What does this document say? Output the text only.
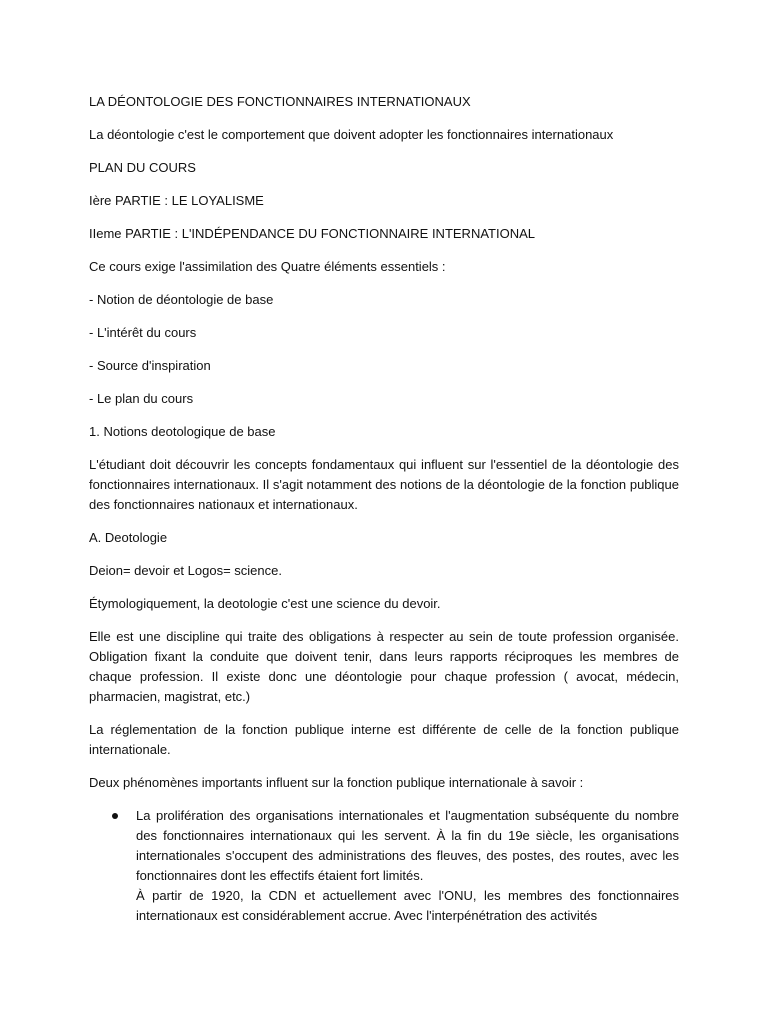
LA DÉONTOLOGIE DES FONCTIONNAIRES INTERNATIONAUX

La déontologie c'est le comportement que doivent adopter les fonctionnaires internationaux

PLAN DU COURS

Ière PARTIE : LE LOYALISME

IIeme PARTIE : L'INDÉPENDANCE DU FONCTIONNAIRE INTERNATIONAL

Ce cours exige l'assimilation des Quatre éléments essentiels :

- Notion de déontologie de base

- L'intérêt du cours

- Source d'inspiration

- Le plan du cours

1. Notions deotologique de base

L'étudiant doit découvrir les concepts fondamentaux qui influent sur l'essentiel de la déontologie des fonctionnaires internationaux. Il s'agit notamment des notions de la déontologie de la fonction publique des fonctionnaires nationaux et internationaux.

A. Deotologie

Deion= devoir et Logos= science.

Étymologiquement, la deotologie c'est une science du devoir.

Elle est une discipline qui traite des obligations à respecter au sein de toute profession organisée. Obligation fixant la conduite que doivent tenir, dans leurs rapports réciproques les membres de chaque profession. Il existe donc une déontologie pour chaque profession ( avocat, médecin, pharmacien, magistrat, etc.)

La réglementation de la fonction publique interne est différente de celle de la fonction publique internationale.

Deux phénomènes importants influent sur la fonction publique internationale à savoir :

La prolifération des organisations internationales et l'augmentation subséquente du nombre des fonctionnaires internationaux qui les servent. À la fin du 19e siècle, les organisations internationales s'occupent des administrations des fleuves, des postes, des routes, avec les fonctionnaires dont les effectifs étaient fort limités.
À partir de 1920, la CDN et actuellement avec l'ONU, les membres des fonctionnaires internationaux est considérablement accrue. Avec l'interpénétration des activités
